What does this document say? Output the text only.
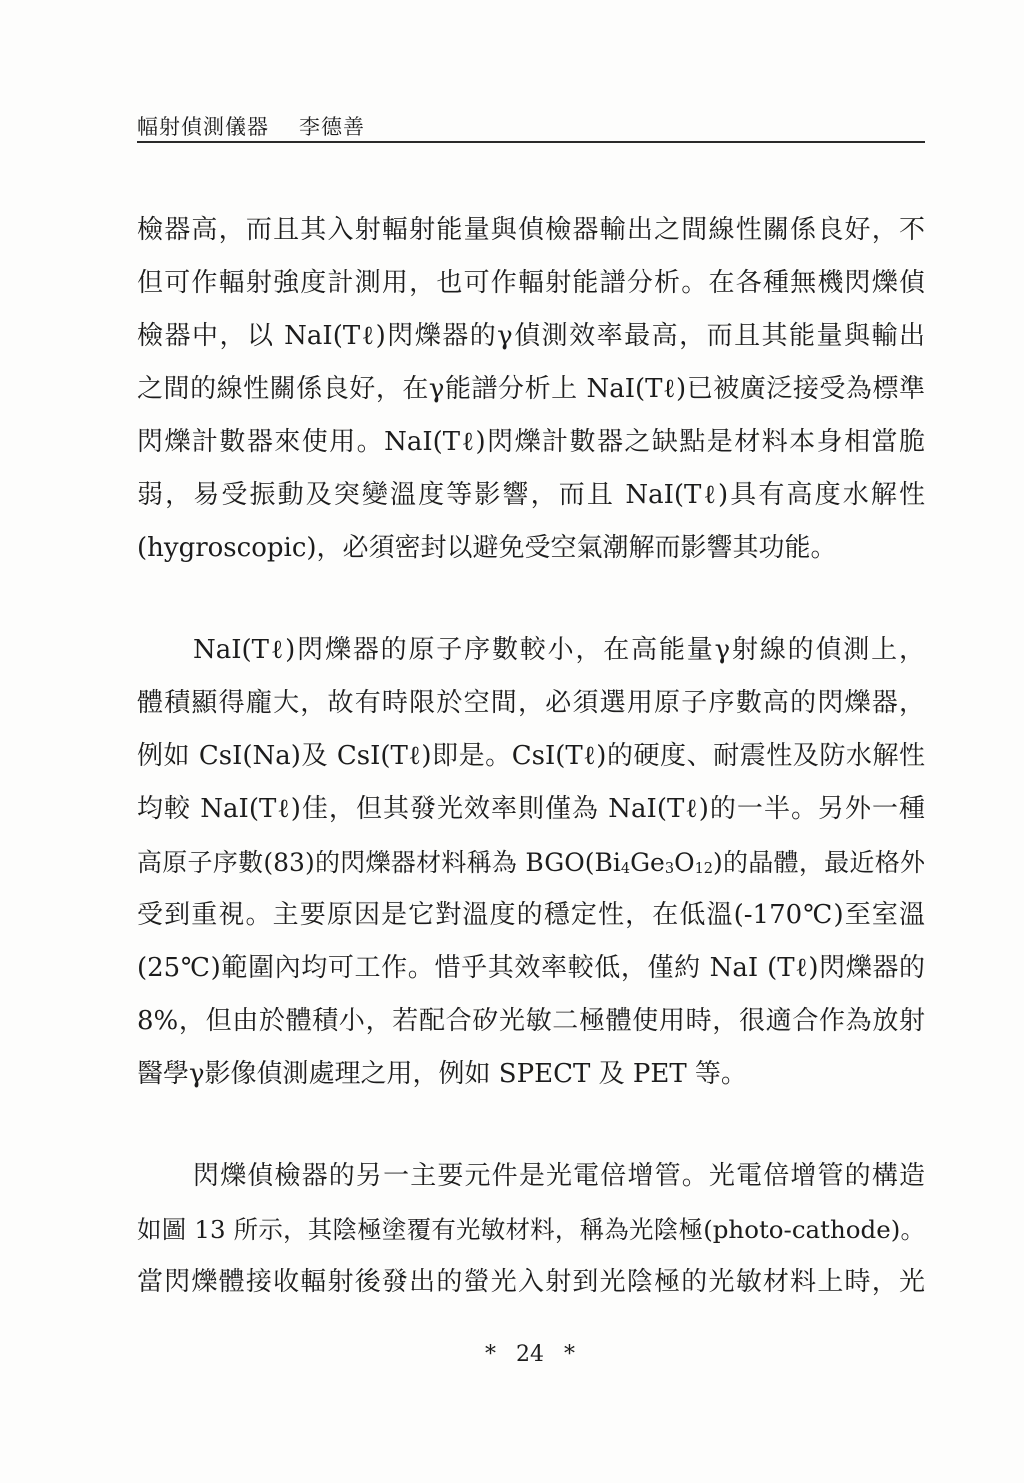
幅射偵測儀器 李德善
檢器高，而且其入射輻射能量與偵檢器輸出之間線性關係良好，不
但可作輻射強度計測用，也可作輻射能譜分析。在各種無機閃爍偵
檢器中，以 NaI(Tℓ)閃爍器的γ偵測效率最高，而且其能量與輸出
之間的線性關係良好，在γ能譜分析上 NaI(Tℓ)已被廣泛接受為標準
閃爍計數器來使用。NaI(Tℓ)閃爍計數器之缺點是材料本身相當脆
弱，易受振動及突變溫度等影響，而且 NaI(Tℓ)具有高度水解性
(hygroscopic)，必須密封以避免受空氣潮解而影響其功能。
NaI(Tℓ)閃爍器的原子序數較小，在高能量γ射線的偵測上，
體積顯得龐大，故有時限於空間，必須選用原子序數高的閃爍器，
例如 CsI(Na)及 CsI(Tℓ)即是。CsI(Tℓ)的硬度、耐震性及防水解性
均較 NaI(Tℓ)佳，但其發光效率則僅為 NaI(Tℓ)的一半。另外一種
高原子序數(83)的閃爍器材料稱為 $BGO(Bi_4Ge_3O_{12})$的晶體，最近格外
受到重視。主要原因是它對溫度的穩定性，在低溫(-170℃)至室溫
(25℃)範圍內均可工作。惜乎其效率較低，僅約 NaI (Tℓ)閃爍器的
8%，但由於體積小，若配合矽光敏二極體使用時，很適合作為放射
醫學γ影像偵測處理之用，例如 SPECT 及 PET 等。
閃爍偵檢器的另一主要元件是光電倍增管。光電倍增管的構造
如圖 13 所示，其陰極塗覆有光敏材料，稱為光陰極(photo-cathode)。
當閃爍體接收輻射後發出的螢光入射到光陰極的光敏材料上時，光
* 24 *
